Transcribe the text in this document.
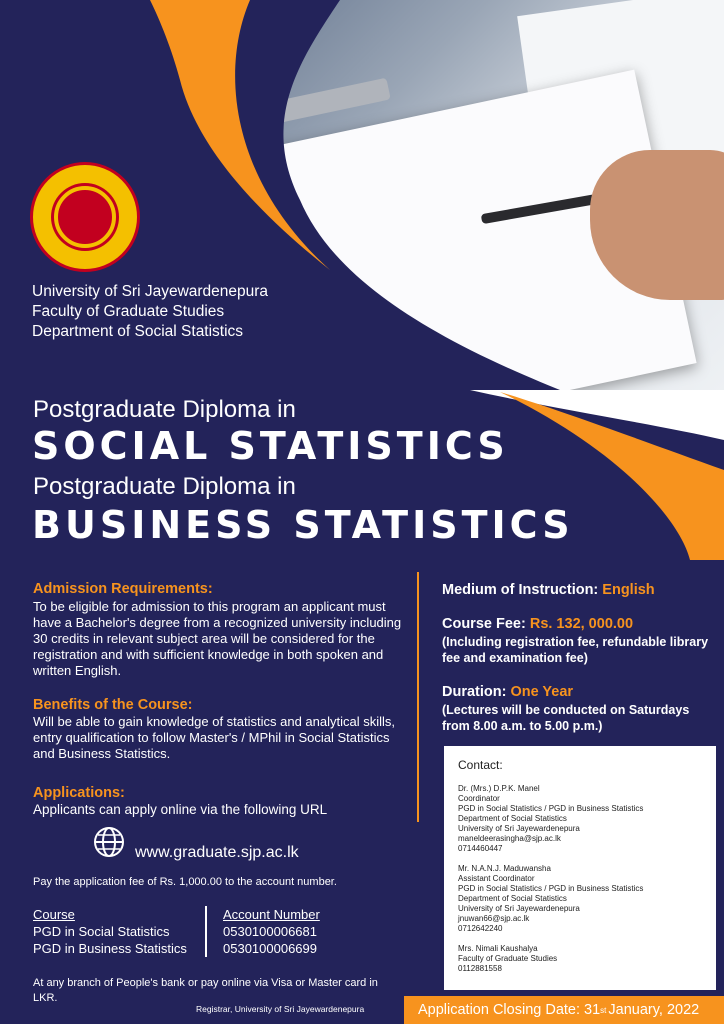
University of Sri Jayewardenepura
Faculty of Graduate Studies
Department of Social Statistics
Postgraduate Diploma in
SOCIAL STATISTICS
Postgraduate Diploma in
BUSINESS STATISTICS
Admission Requirements:
To be eligible for admission to this program an applicant must have a Bachelor's degree from a recognized university including 30 credits in relevant subject area will be considered for the registration and with sufficient knowledge in both spoken and written English.
Benefits of the Course:
Will be able to gain knowledge of statistics and analytical skills, entry qualification to follow Master's / MPhil in Social Statistics and Business Statistics.
Applications:
Applicants can apply online via the following URL
www.graduate.sjp.ac.lk
Pay the application fee of Rs. 1,000.00 to the account number.
Course
PGD in Social Statistics
PGD in Business Statistics
Account Number
0530100006681
0530100006699
At any branch of People's bank or pay online via Visa or Master card in LKR.
Medium of Instruction: English
Course Fee: Rs. 132, 000.00
(Including registration fee, refundable library fee and examination fee)
Duration: One Year
(Lectures will be conducted on Saturdays from 8.00 a.m. to 5.00 p.m.)
Contact:
Dr. (Mrs.) D.P.K. Manel
Coordinator
PGD in Social Statistics / PGD in Business Statistics
Department of Social Statistics
University of Sri Jayewardenepura
maneldeerasingha@sjp.ac.lk
0714460447
Mr. N.A.N.J. Maduwansha
Assistant Coordinator
PGD in Social Statistics / PGD in Business Statistics
Department of Social Statistics
University of Sri Jayewardenepura
jnuwan66@sjp.ac.lk
0712642240
Mrs. Nimali Kaushalya
Faculty of Graduate Studies
0112881558
Registrar, University of Sri Jayewardenepura	Application Closing Date: 31 st January, 2022
